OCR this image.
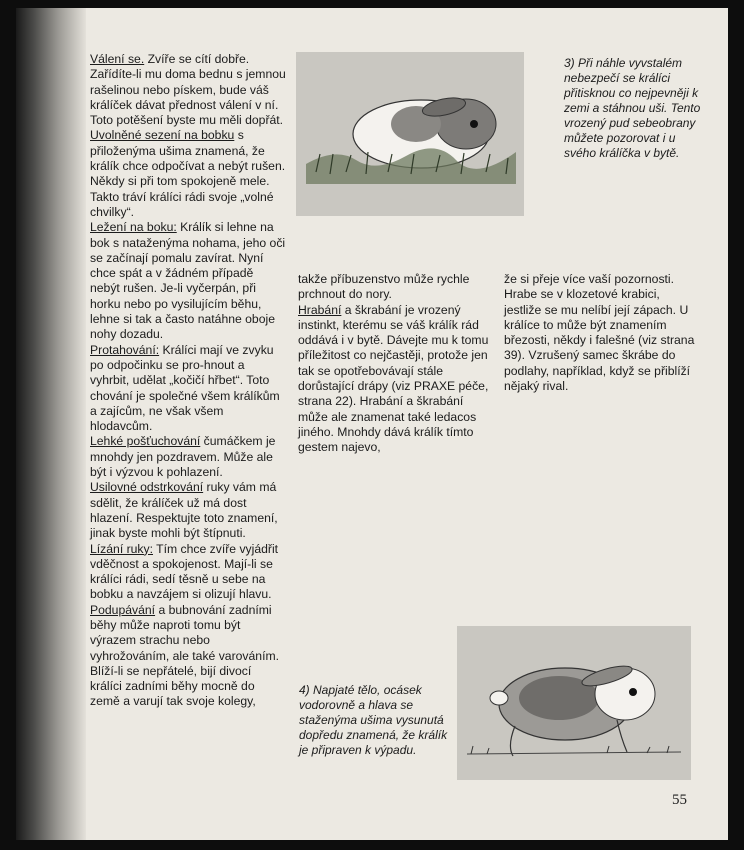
Válení se. Zvíře se cítí dobře. Zařídíte-li mu doma bednu s jemnou rašelinou nebo pískem, bude váš králíček dávat přednost válení v ní. Toto potěšení byste mu měli dopřát.

Uvolněné sezení na bobku s přiloženýma ušima znamená, že králík chce odpočívat a nebýt rušen. Někdy si při tom spokojeně mele. Takto tráví králíci rádi svoje „volné chvilky“.

Ležení na boku: Králík si lehne na bok s nataženýma nohama, jeho oči se začínají pomalu zavírat. Nyní chce spát a v žádném případě nebýt rušen. Je-li vyčerpán, při horku nebo po vysilujícím běhu, lehne si tak a často natáhne oboje nohy dozadu.

Protahování: Králíci mají ve zvyku po odpočinku se pro-hnout a vyhrbit, udělat „kočičí hřbet“. Toto chování je společné všem králíkům a zajícům, ne však všem hlodavcům.

Lehké pošťuchování čumáčkem je mnohdy jen pozdravem. Může ale být i výzvou k pohlazení.

Usilovné odstrkování ruky vám má sdělit, že králíček už má dost hlazení. Respektujte toto znamení, jinak byste mohli být štípnuti.

Lízání ruky: Tím chce zvíře vyjádřit vděčnost a spokojenost. Mají-li se králíci rádi, sedí těsně u sebe na bobku a navzájem si olizují hlavu.

Podupávání a bubnování zadními běhy může naproti tomu být výrazem strachu nebo vyhrožováním, ale také varováním. Blíží-li se nepřátelé, bijí divocí králíci zadními běhy mocně do země a varují tak svoje kolegy,

takže příbuzenstvo může rychle prchnout do nory.

Hrabání a škrabání je vrozený instinkt, kterému se váš králík rád oddává i v bytě. Dávejte mu k tomu příležitost co nejčastěji, protože jen tak se opotřebovávají stále dorůstající drápy (viz PRAXE péče, strana 22). Hrabání a škrabání může ale znamenat také ledacos jiného. Mnohdy dává králík tímto gestem najevo,

že si přeje více vaší pozornosti. Hrabe se v klozetové krabici, jestliže se mu nelíbí její zápach. U králíce to může být znamením březosti, někdy i falešné (viz strana 39). Vzrušený samec škrábe do podlahy, například, když se přiblíží nějaký rival.

3) Při náhle vyvstalém nebezpečí se králíci přitisknou co nejpevněji k zemi a stáhnou uši. Tento vrozený pud sebeobrany můžete pozorovat i u svého králíčka v bytě.
4) Napjaté tělo, ocásek vodorovně a hlava se staženýma ušima vysunutá dopředu znamená, že králík je připraven k výpadu.
55
